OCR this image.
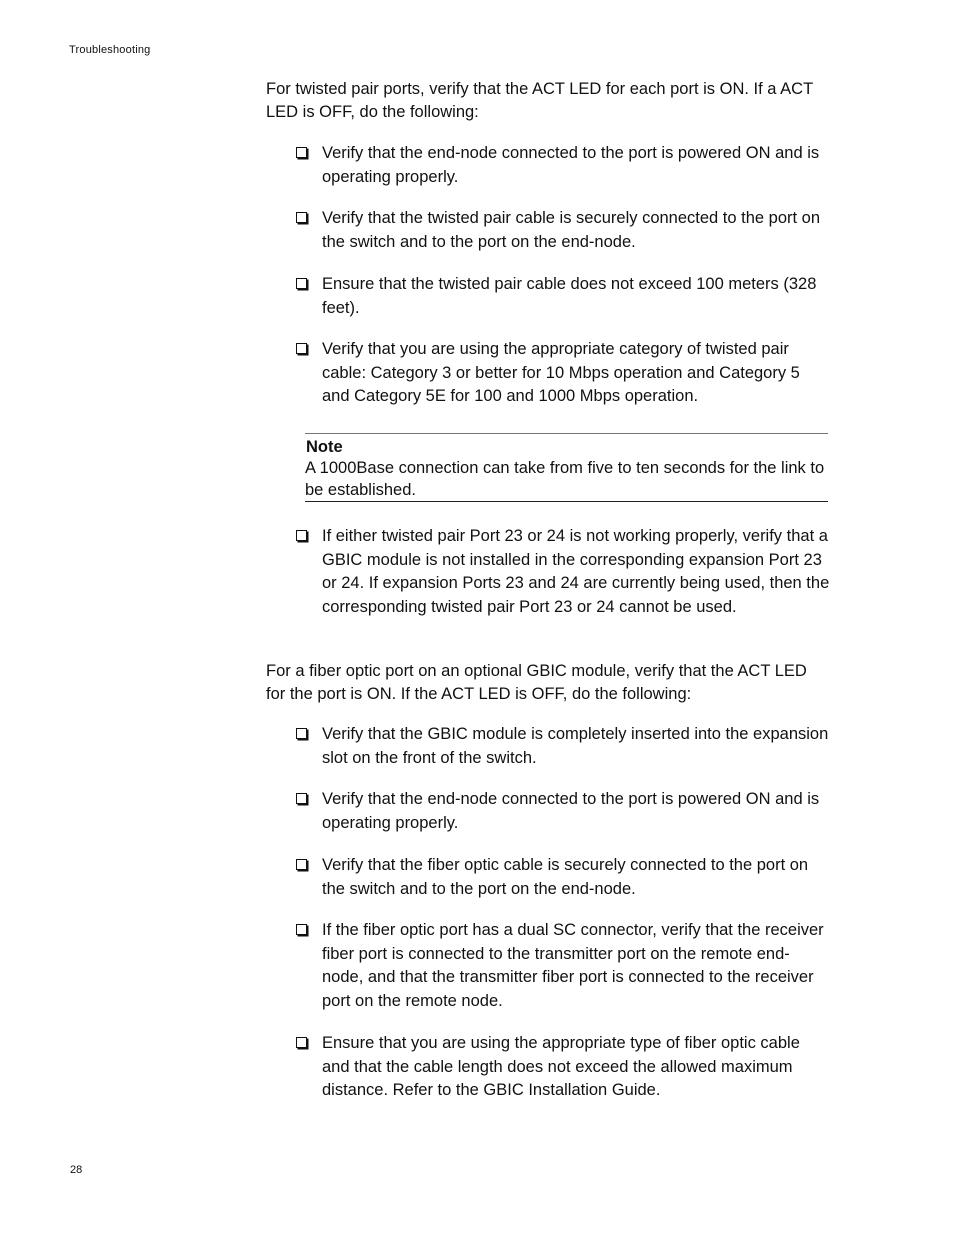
Troubleshooting
For twisted pair ports, verify that the ACT LED for each port is ON. If a ACT LED is OFF, do the following:
Verify that the end-node connected to the port is powered ON and is operating properly.
Verify that the twisted pair cable is securely connected to the port on the switch and to the port on the end-node.
Ensure that the twisted pair cable does not exceed 100 meters (328 feet).
Verify that you are using the appropriate category of twisted pair cable: Category 3 or better for 10 Mbps operation and Category 5 and Category 5E for 100 and 1000 Mbps operation.
Note
A 1000Base connection can take from five to ten seconds for the link to be established.
If either twisted pair Port 23 or 24 is not working properly, verify that a GBIC module is not installed in the corresponding expansion Port 23 or 24. If expansion Ports 23 and 24 are currently being used, then the corresponding twisted pair Port 23 or 24 cannot be used.
For a fiber optic port on an optional GBIC module, verify that the ACT LED for the port is ON. If the ACT LED is OFF, do the following:
Verify that the GBIC module is completely inserted into the expansion slot on the front of the switch.
Verify that the end-node connected to the port is powered ON and is operating properly.
Verify that the fiber optic cable is securely connected to the port on the switch and to the port on the end-node.
If the fiber optic port has a dual SC connector, verify that the receiver fiber port is connected to the transmitter port on the remote end-node, and that the transmitter fiber port is connected to the receiver port on the remote node.
Ensure that you are using the appropriate type of fiber optic cable and that the cable length does not exceed the allowed maximum distance. Refer to the GBIC Installation Guide.
28
